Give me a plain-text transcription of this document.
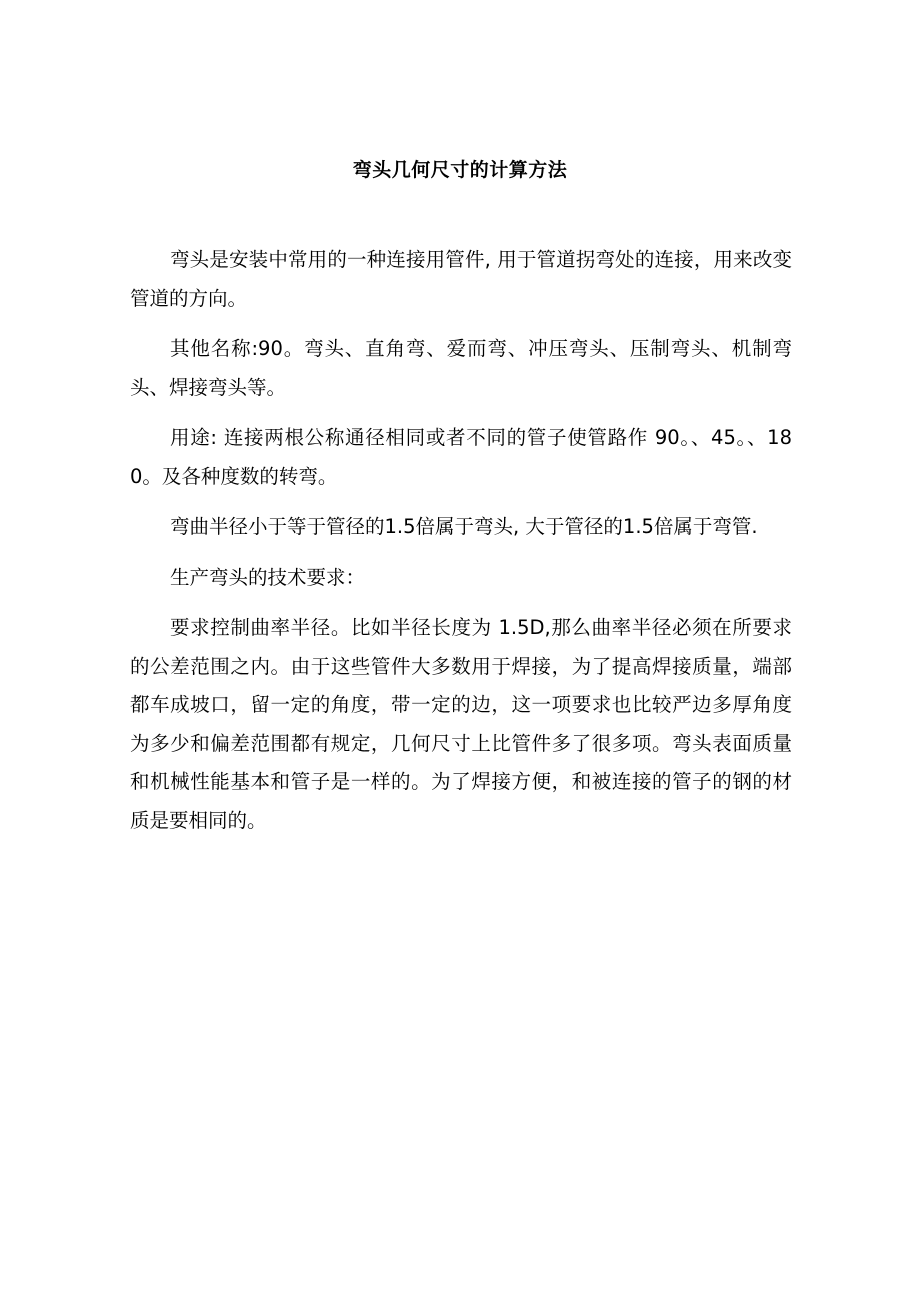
弯头几何尺寸的计算方法

弯头是安装中常用的一种连接用管件, 用于管道拐弯处的连接，用来改变管道的方向。

其他名称:90。弯头、直角弯、爱而弯、冲压弯头、压制弯头、机制弯头、焊接弯头等。

用途: 连接两根公称通径相同或者不同的管子使管路作 90。、45。、180。及各种度数的转弯。

弯曲半径小于等于管径的1.5倍属于弯头, 大于管径的1.5倍属于弯管.

生产弯头的技术要求：

要求控制曲率半径。比如半径长度为 1.5D,那么曲率半径必须在所要求的公差范围之内。由于这些管件大多数用于焊接，为了提高焊接质量，端部都车成坡口，留一定的角度，带一定的边，这一项要求也比较严边多厚角度为多少和偏差范围都有规定，几何尺寸上比管件多了很多项。弯头表面质量和机械性能基本和管子是一样的。为了焊接方便，和被连接的管子的钢的材质是要相同的。
